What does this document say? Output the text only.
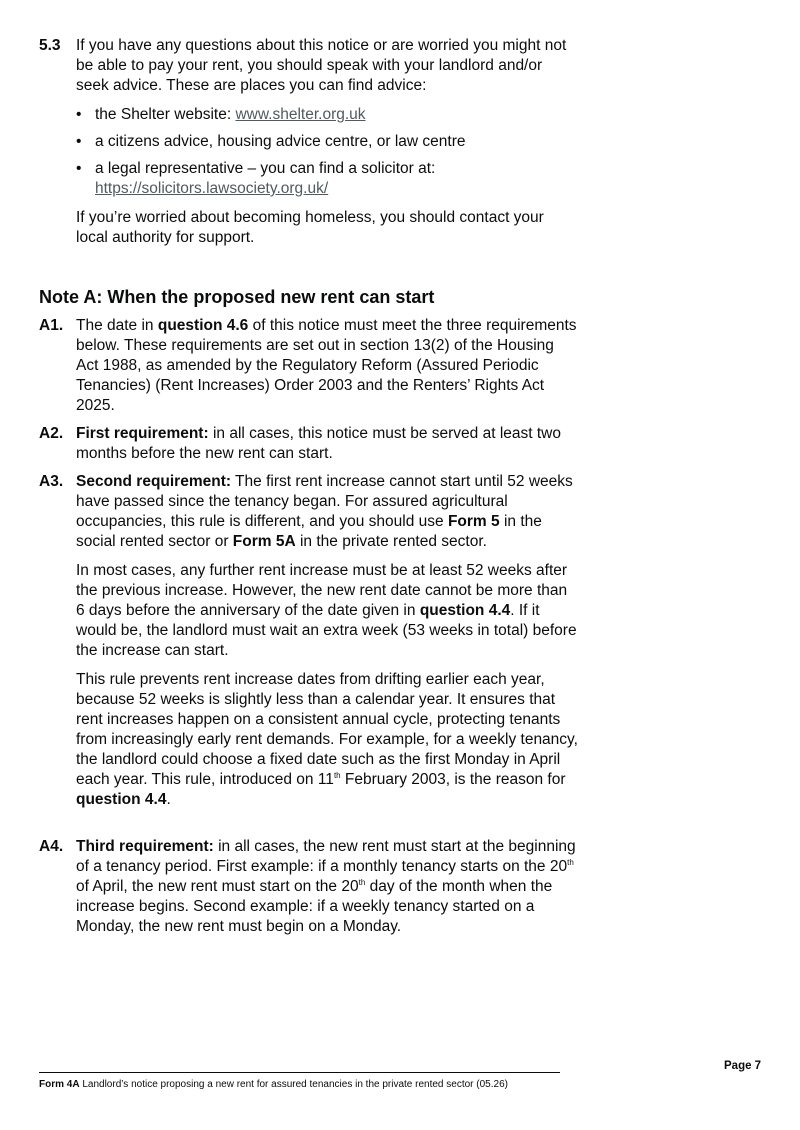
5.3 If you have any questions about this notice or are worried you might not be able to pay your rent, you should speak with your landlord and/or seek advice. These are places you can find advice:

• the Shelter website: www.shelter.org.uk
• a citizens advice, housing advice centre, or law centre
• a legal representative – you can find a solicitor at: https://solicitors.lawsociety.org.uk/

If you’re worried about becoming homeless, you should contact your local authority for support.

Note A: When the proposed new rent can start
A1. The date in question 4.6 of this notice must meet the three requirements below. These requirements are set out in section 13(2) of the Housing Act 1988, as amended by the Regulatory Reform (Assured Periodic Tenancies) (Rent Increases) Order 2003 and the Renters’ Rights Act 2025.

A2. First requirement: in all cases, this notice must be served at least two months before the new rent can start.

A3. Second requirement: The first rent increase cannot start until 52 weeks have passed since the tenancy began. For assured agricultural occupancies, this rule is different, and you should use Form 5 in the social rented sector or Form 5A in the private rented sector.

In most cases, any further rent increase must be at least 52 weeks after the previous increase. However, the new rent date cannot be more than 6 days before the anniversary of the date given in question 4.4. If it would be, the landlord must wait an extra week (53 weeks in total) before the increase can start.

This rule prevents rent increase dates from drifting earlier each year, because 52 weeks is slightly less than a calendar year. It ensures that rent increases happen on a consistent annual cycle, protecting tenants from increasingly early rent demands. For example, for a weekly tenancy, the landlord could choose a fixed date such as the first Monday in April each year. This rule, introduced on 11th February 2003, is the reason for question 4.4.

A4. Third requirement: in all cases, the new rent must start at the beginning of a tenancy period. First example: if a monthly tenancy starts on the 20th of April, the new rent must start on the 20th day of the month when the increase begins. Second example: if a weekly tenancy started on a Monday, the new rent must begin on a Monday.

Page 7
Form 4A Landlord’s notice proposing a new rent for assured tenancies in the private rented sector (05.26)
